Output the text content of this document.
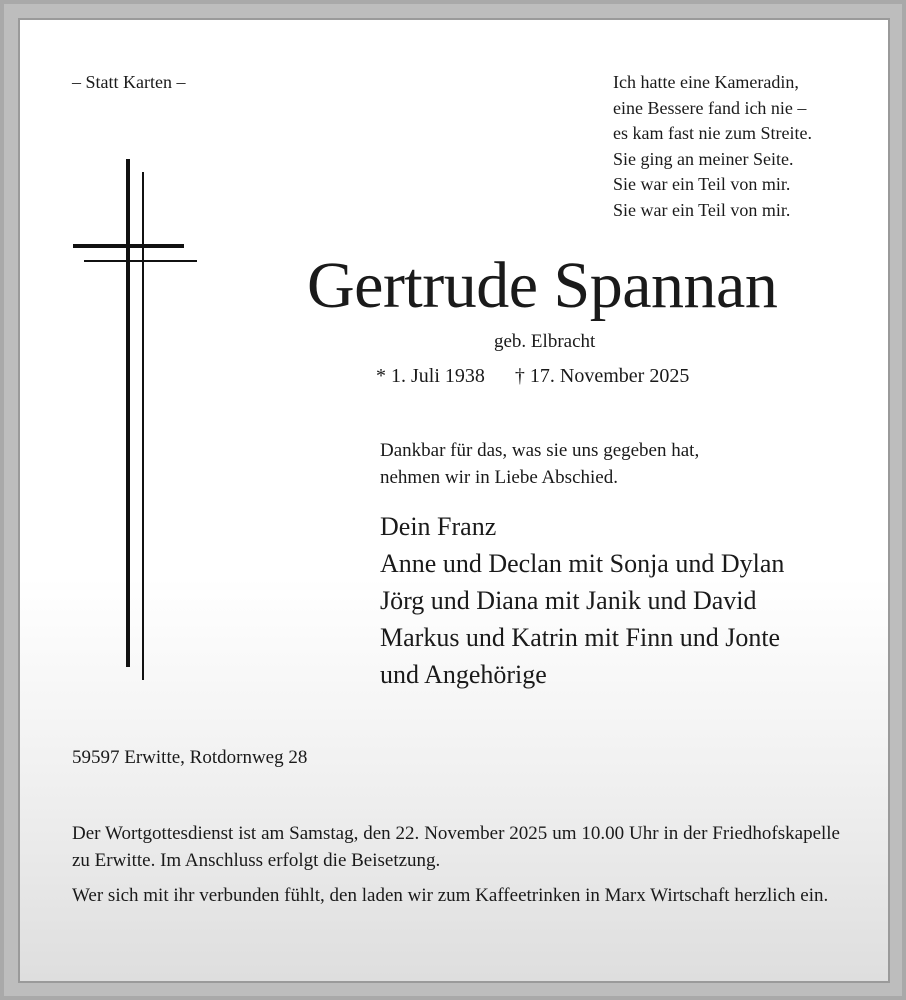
– Statt Karten –	Ich hatte eine Kameradin,
eine Bessere fand ich nie –
es kam fast nie zum Streite.
Sie ging an meiner Seite.
Sie war ein Teil von mir.
Sie war ein Teil von mir.
Gertrude Spannan
geb. Elbracht
* 1. Juli 1938 † 17. November 2025
Dankbar für das, was sie uns gegeben hat,
nehmen wir in Liebe Abschied.
Dein Franz
Anne und Declan mit Sonja und Dylan
Jörg und Diana mit Janik und David
Markus und Katrin mit Finn und Jonte
und Angehörige
59597 Erwitte, Rotdornweg 28

Der Wortgottesdienst ist am Samstag, den 22. November 2025 um 10.00 Uhr in der Friedhofskapelle zu Erwitte. Im Anschluss erfolgt die Beisetzung.

Wer sich mit ihr verbunden fühlt, den laden wir zum Kaffeetrinken in Marx Wirtschaft herzlich ein.
